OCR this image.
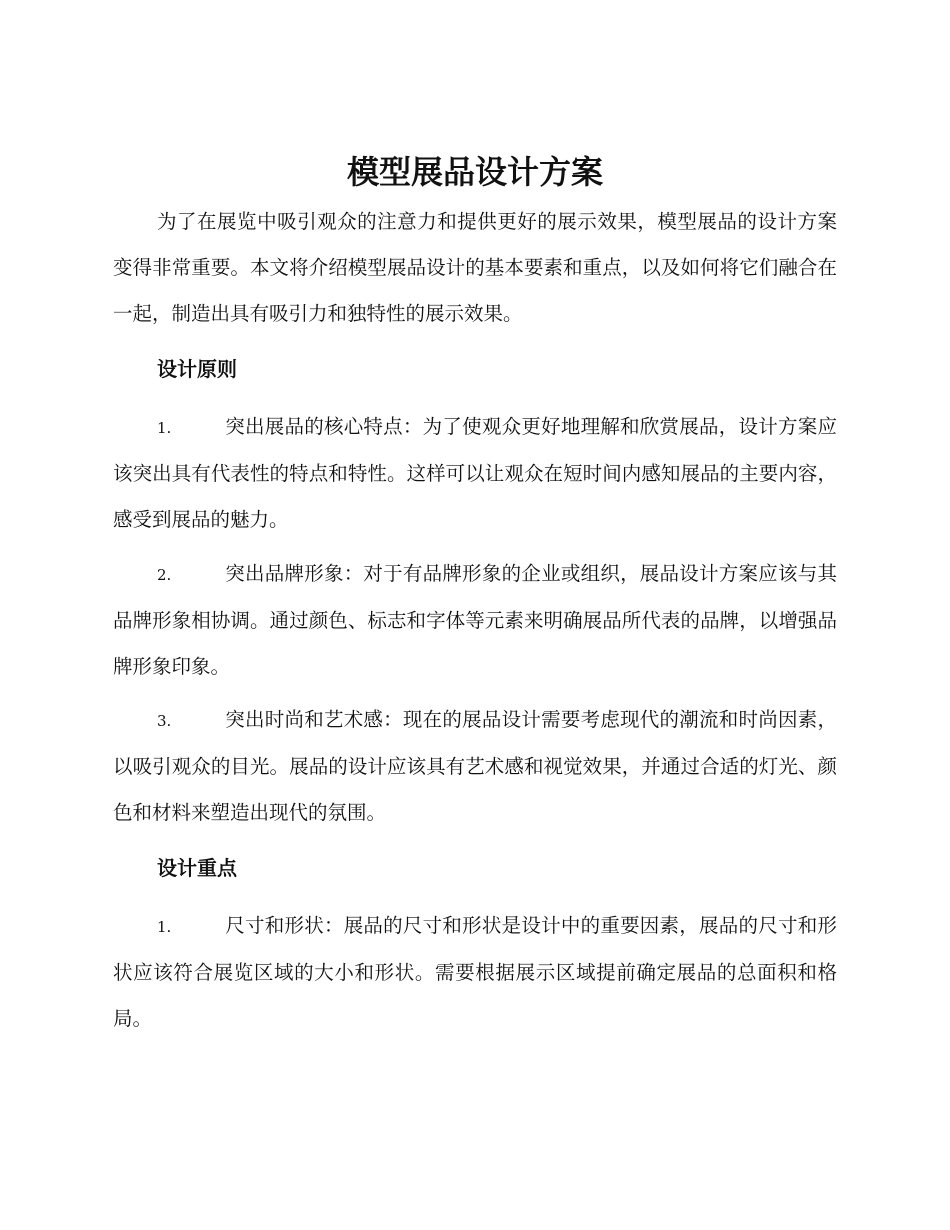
模型展品设计方案

为了在展览中吸引观众的注意力和提供更好的展示效果，模型展品的设计方案变得非常重要。本文将介绍模型展品设计的基本要素和重点，以及如何将它们融合在一起，制造出具有吸引力和独特性的展示效果。

设计原则

1.	突出展品的核心特点：为了使观众更好地理解和欣赏展品，设计方案应该突出具有代表性的特点和特性。这样可以让观众在短时间内感知展品的主要内容，感受到展品的魅力。

2.	突出品牌形象：对于有品牌形象的企业或组织，展品设计方案应该与其品牌形象相协调。通过颜色、标志和字体等元素来明确展品所代表的品牌，以增强品牌形象印象。

3.	突出时尚和艺术感：现在的展品设计需要考虑现代的潮流和时尚因素，以吸引观众的目光。展品的设计应该具有艺术感和视觉效果，并通过合适的灯光、颜色和材料来塑造出现代的氛围。

设计重点

1.	尺寸和形状：展品的尺寸和形状是设计中的重要因素，展品的尺寸和形状应该符合展览区域的大小和形状。需要根据展示区域提前确定展品的总面积和格局。
